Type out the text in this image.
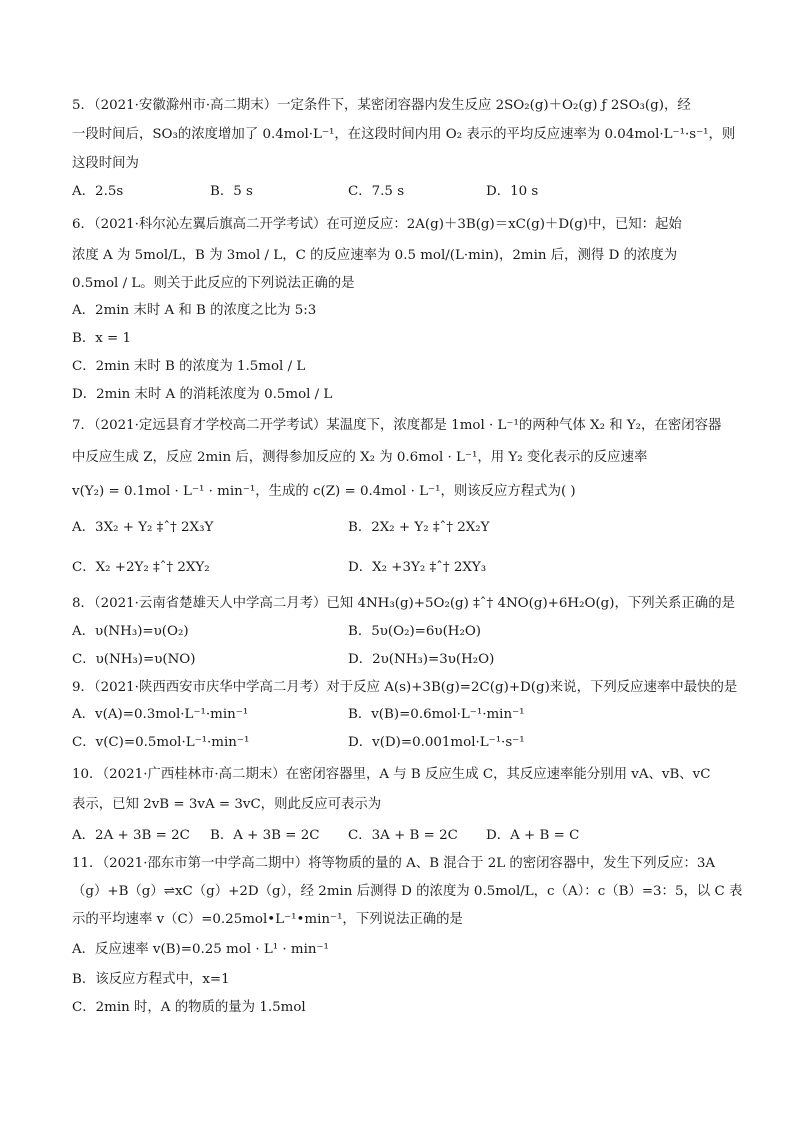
5．（2021·安徽滁州市·高二期末）一定条件下，某密闭容器内发生反应 2SO₂(g)＋O₂(g) ƒ 2SO₃(g)，经
一段时间后，SO₃的浓度增加了 0.4mol·L⁻¹，在这段时间内用 O₂ 表示的平均反应速率为 0.04mol·L⁻¹·s⁻¹，则
这段时间为
A．2.5s	B．5 s	C．7.5 s	D．10 s
6．（2021·科尔沁左翼后旗高二开学考试）在可逆反应：2A(g)＋3B(g)＝xC(g)＋D(g)中，已知：起始
浓度 A 为 5mol/L，B 为 3mol / L，C 的反应速率为 0.5 mol/(L·min)，2min 后，测得 D 的浓度为
0.5mol / L。则关于此反应的下列说法正确的是
A．2min 末时 A 和 B 的浓度之比为 5:3
B．x = 1
C．2min 末时 B 的浓度为 1.5mol / L
D．2min 末时 A 的消耗浓度为 0.5mol / L
7．（2021·定远县育才学校高二开学考试）某温度下，浓度都是 1mol · L⁻¹的两种气体 X₂ 和 Y₂，在密闭容器
中反应生成 Z，反应 2min 后，测得参加反应的 X₂ 为 0.6mol · L⁻¹，用 Y₂ 变化表示的反应速率
v(Y₂) = 0.1mol · L⁻¹ · min⁻¹，生成的 c(Z) = 0.4mol · L⁻¹，则该反应方程式为( )
A．3X₂ + Y₂ ‡ˆ† 2X₃Y	B．2X₂ + Y₂ ‡ˆ† 2X₂Y
C．X₂ +2Y₂ ‡ˆ† 2XY₂	D．X₂ +3Y₂ ‡ˆ† 2XY₃
8．（2021·云南省楚雄天人中学高二月考）已知 4NH₃(g)+5O₂(g) ‡ˆ† 4NO(g)+6H₂O(g)，下列关系正确的是
A．υ(NH₃)=υ(O₂)	B．5υ(O₂)=6υ(H₂O)
C．υ(NH₃)=υ(NO)	D．2υ(NH₃)=3υ(H₂O)
9．（2021·陕西西安市庆华中学高二月考）对于反应 A(s)+3B(g)=2C(g)+D(g)来说，下列反应速率中最快的是
A．v(A)=0.3mol·L⁻¹·min⁻¹	B．v(B)=0.6mol·L⁻¹·min⁻¹
C．v(C)=0.5mol·L⁻¹·min⁻¹	D．v(D)=0.001mol·L⁻¹·s⁻¹
10．（2021·广西桂林市·高二期末）在密闭容器里，A 与 B 反应生成 C，其反应速率能分别用 vA、vB、vC
表示，已知 2vB = 3vA = 3vC，则此反应可表示为
A．2A + 3B = 2C B．A + 3B = 2C C．3A + B = 2C D．A + B = C
11．（2021·邵东市第一中学高二期中）将等物质的量的 A、B 混合于 2L 的密闭容器中，发生下列反应：3A
（g）+B（g）⇌xC（g）+2D（g），经 2min 后测得 D 的浓度为 0.5mol/L，c（A）：c（B）=3：5，以 C 表
示的平均速率 v（C）=0.25mol•L⁻¹•min⁻¹，下列说法正确的是
A．反应速率 v(B)=0.25 mol · L¹ · min⁻¹
B．该反应方程式中，x=1
C．2min 时，A 的物质的量为 1.5mol
